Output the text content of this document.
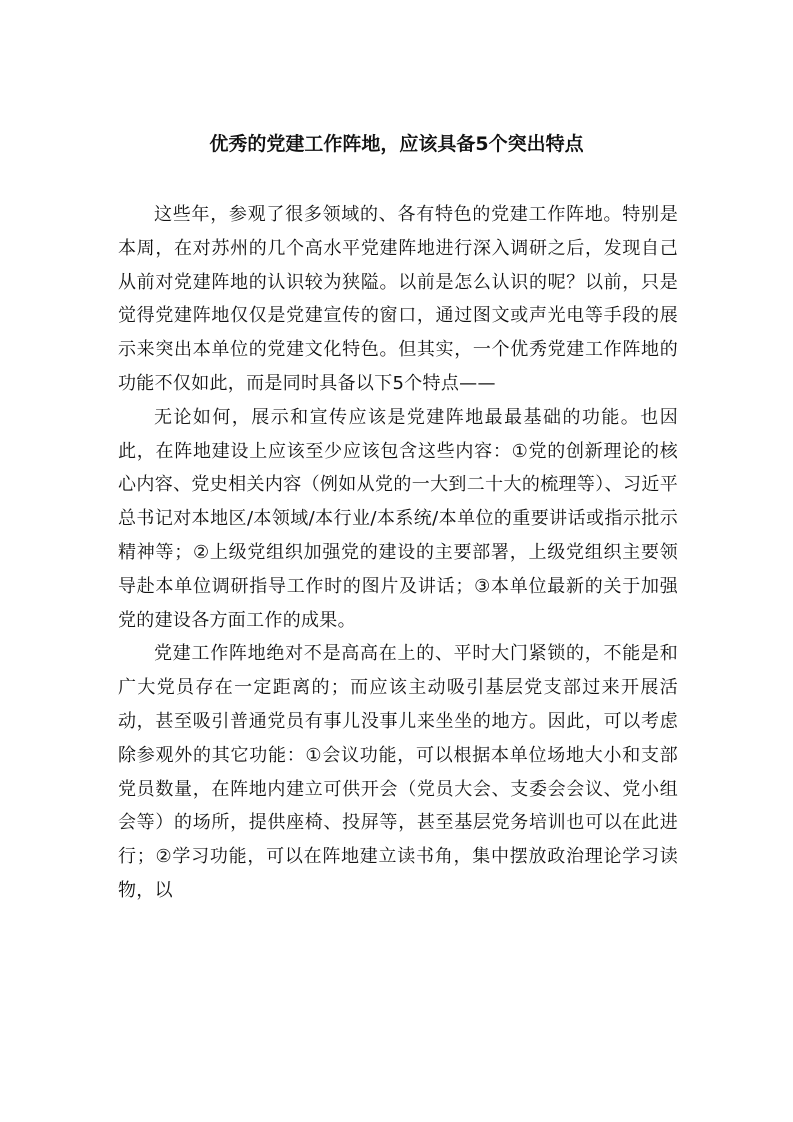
优秀的党建工作阵地，应该具备5个突出特点

这些年，参观了很多领域的、各有特色的党建工作阵地。特别是本周，在对苏州的几个高水平党建阵地进行深入调研之后，发现自己从前对党建阵地的认识较为狭隘。以前是怎么认识的呢？以前，只是觉得党建阵地仅仅是党建宣传的窗口，通过图文或声光电等手段的展示来突出本单位的党建文化特色。但其实，一个优秀党建工作阵地的功能不仅如此，而是同时具备以下5个特点——

无论如何，展示和宣传应该是党建阵地最最基础的功能。也因此，在阵地建设上应该至少应该包含这些内容：①党的创新理论的核心内容、党史相关内容（例如从党的一大到二十大的梳理等）、习近平总书记对本地区/本领域/本行业/本系统/本单位的重要讲话或指示批示精神等；②上级党组织加强党的建设的主要部署，上级党组织主要领导赴本单位调研指导工作时的图片及讲话；③本单位最新的关于加强党的建设各方面工作的成果。

党建工作阵地绝对不是高高在上的、平时大门紧锁的，不能是和广大党员存在一定距离的；而应该主动吸引基层党支部过来开展活动，甚至吸引普通党员有事儿没事儿来坐坐的地方。因此，可以考虑除参观外的其它功能：①会议功能，可以根据本单位场地大小和支部党员数量，在阵地内建立可供开会（党员大会、支委会会议、党小组会等）的场所，提供座椅、投屏等，甚至基层党务培训也可以在此进行；②学习功能，可以在阵地建立读书角，集中摆放政治理论学习读物，以
